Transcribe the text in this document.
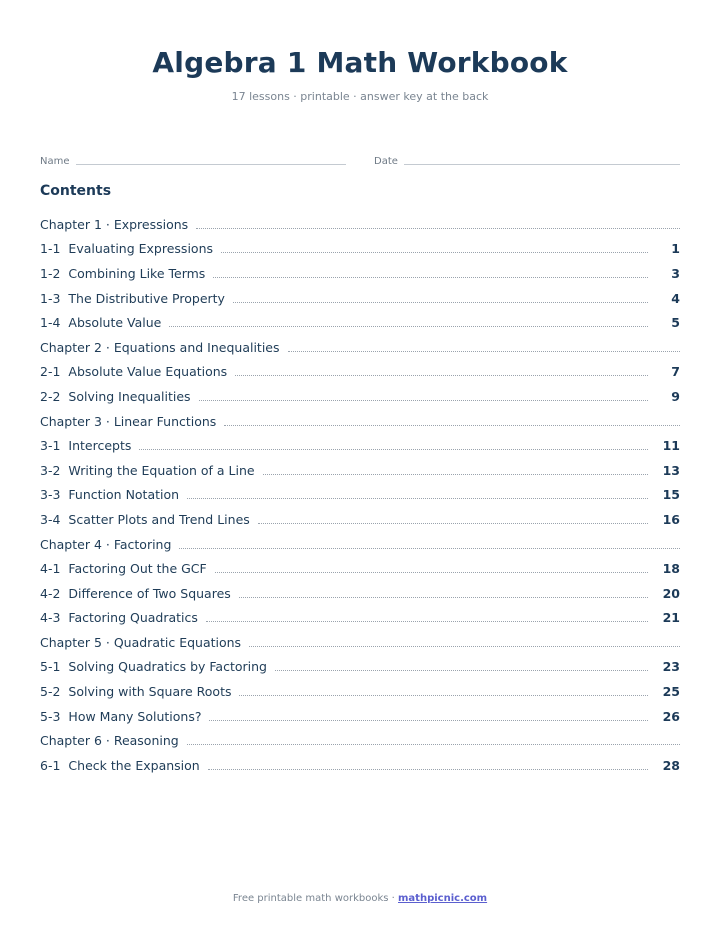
Algebra 1 Math Workbook
17 lessons · printable · answer key at the back
Name	Date
Contents
Chapter 1 · Expressions
1-1 Evaluating Expressions	1
1-2 Combining Like Terms	3
1-3 The Distributive Property	4
1-4 Absolute Value	5
Chapter 2 · Equations and Inequalities
2-1 Absolute Value Equations	7
2-2 Solving Inequalities	9
Chapter 3 · Linear Functions
3-1 Intercepts	11
3-2 Writing the Equation of a Line	13
3-3 Function Notation	15
3-4 Scatter Plots and Trend Lines	16
Chapter 4 · Factoring
4-1 Factoring Out the GCF	18
4-2 Difference of Two Squares	20
4-3 Factoring Quadratics	21
Chapter 5 · Quadratic Equations
5-1 Solving Quadratics by Factoring	23
5-2 Solving with Square Roots	25
5-3 How Many Solutions?	26
Chapter 6 · Reasoning
6-1 Check the Expansion	28
Free printable math workbooks · mathpicnic.com
